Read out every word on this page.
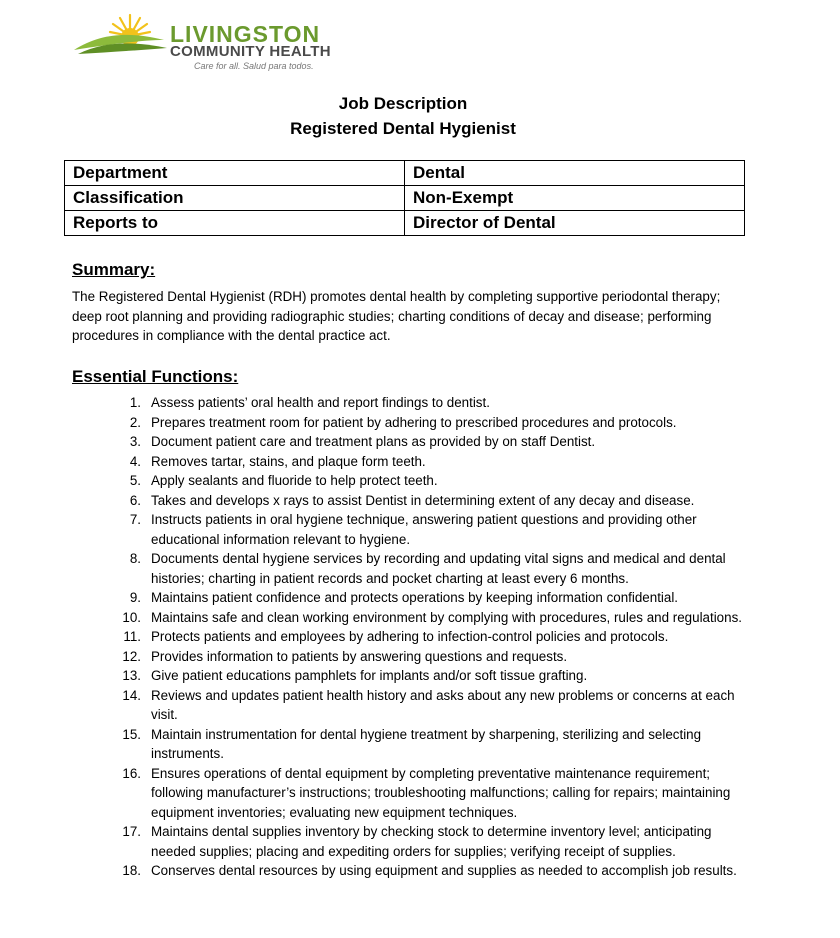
LIVINGSTON
COMMUNITY HEALTH
Care for all. Salud para todos.
Job Description
Registered Dental Hygienist
Department	Dental
Classification	Non-Exempt
Reports to	Director of Dental
Summary:
The Registered Dental Hygienist (RDH) promotes dental health by completing supportive periodontal therapy; deep root planning and providing radiographic studies; charting conditions of decay and disease; performing procedures in compliance with the dental practice act.
Essential Functions:
1. Assess patients’ oral health and report findings to dentist.
2. Prepares treatment room for patient by adhering to prescribed procedures and protocols.
3. Document patient care and treatment plans as provided by on staff Dentist.
4. Removes tartar, stains, and plaque form teeth.
5. Apply sealants and fluoride to help protect teeth.
6. Takes and develops x rays to assist Dentist in determining extent of any decay and disease.
7. Instructs patients in oral hygiene technique, answering patient questions and providing other educational information relevant to hygiene.
8. Documents dental hygiene services by recording and updating vital signs and medical and dental histories; charting in patient records and pocket charting at least every 6 months.
9. Maintains patient confidence and protects operations by keeping information confidential.
10. Maintains safe and clean working environment by complying with procedures, rules and regulations.
11. Protects patients and employees by adhering to infection-control policies and protocols.
12. Provides information to patients by answering questions and requests.
13. Give patient educations pamphlets for implants and/or soft tissue grafting.
14. Reviews and updates patient health history and asks about any new problems or concerns at each visit.
15. Maintain instrumentation for dental hygiene treatment by sharpening, sterilizing and selecting instruments.
16. Ensures operations of dental equipment by completing preventative maintenance requirement; following manufacturer’s instructions; troubleshooting malfunctions; calling for repairs; maintaining equipment inventories; evaluating new equipment techniques.
17. Maintains dental supplies inventory by checking stock to determine inventory level; anticipating needed supplies; placing and expediting orders for supplies; verifying receipt of supplies.
18. Conserves dental resources by using equipment and supplies as needed to accomplish job results.
